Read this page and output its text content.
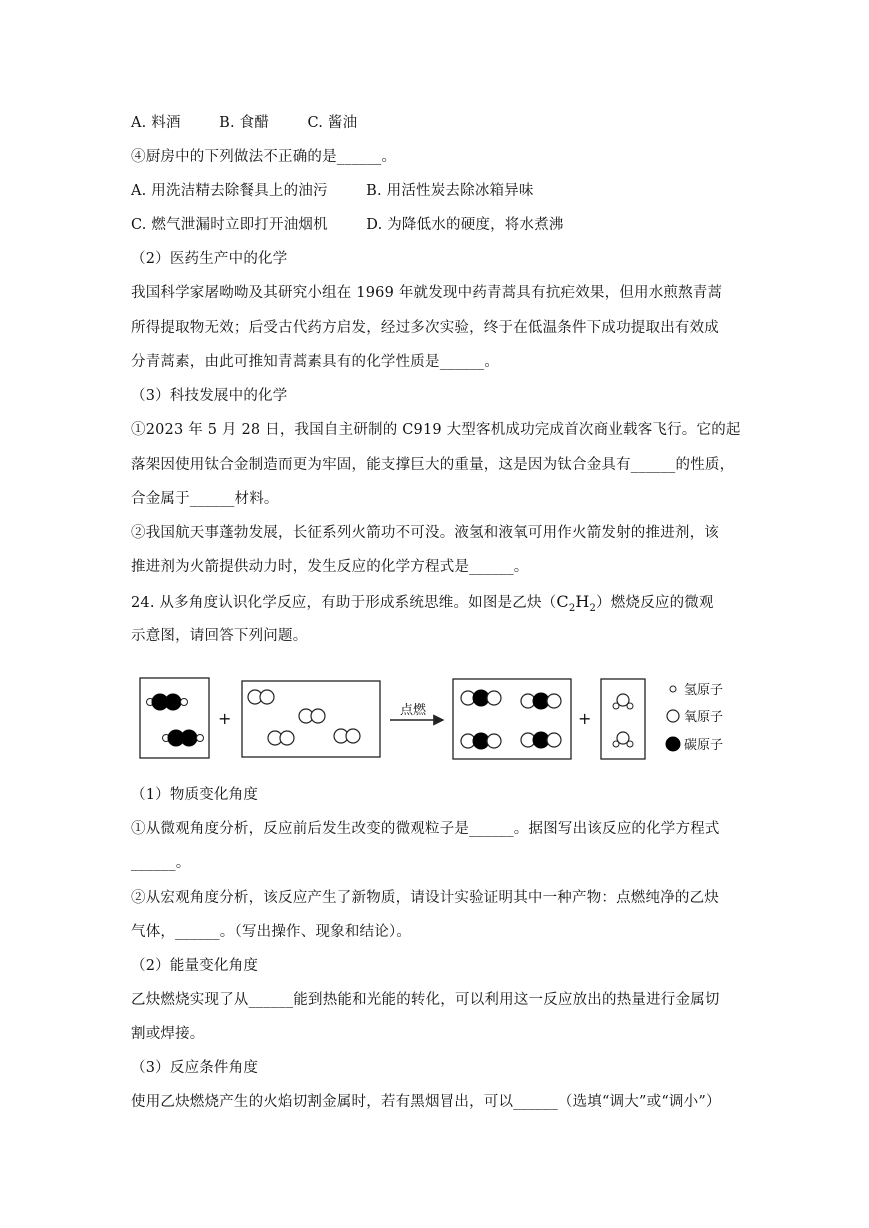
A. 料酒        B. 食醋        C. 酱油
④厨房中的下列做法不正确的是______。
A. 用洗洁精去除餐具上的油污        B. 用活性炭去除冰箱异味
C. 燃气泄漏时立即打开油烟机        D. 为降低水的硬度，将水煮沸
（2）医药生产中的化学
我国科学家屠呦呦及其研究小组在 1969 年就发现中药青蒿具有抗疟效果，但用水煎熬青蒿
所得提取物无效；后受古代药方启发，经过多次实验，终于在低温条件下成功提取出有效成
分青蒿素，由此可推知青蒿素具有的化学性质是______。
（3）科技发展中的化学
①2023 年 5 月 28 日，我国自主研制的 C919 大型客机成功完成首次商业载客飞行。它的起
落架因使用钛合金制造而更为牢固，能支撑巨大的重量，这是因为钛合金具有______的性质，
合金属于______材料。
②我国航天事蓬勃发展，长征系列火箭功不可没。液氢和液氧可用作火箭发射的推进剂，该
推进剂为火箭提供动力时，发生反应的化学方程式是______。
24. 从多角度认识化学反应，有助于形成系统思维。如图是乙炔$(C_2H_2)$燃烧反应的微观
示意图，请回答下列问题。
+	点燃	+
氢原子
氧原子
碳原子
（1）物质变化角度
①从微观角度分析，反应前后发生改变的微观粒子是______。据图写出该反应的化学方程式
______。
②从宏观角度分析，该反应产生了新物质，请设计实验证明其中一种产物：点燃纯净的乙炔
气体，______。（写出操作、现象和结论）。
（2）能量变化角度
乙炔燃烧实现了从______能到热能和光能的转化，可以利用这一反应放出的热量进行金属切
割或焊接。
（3）反应条件角度
使用乙炔燃烧产生的火焰切割金属时，若有黑烟冒出，可以______（选填“调大”或“调小”）
